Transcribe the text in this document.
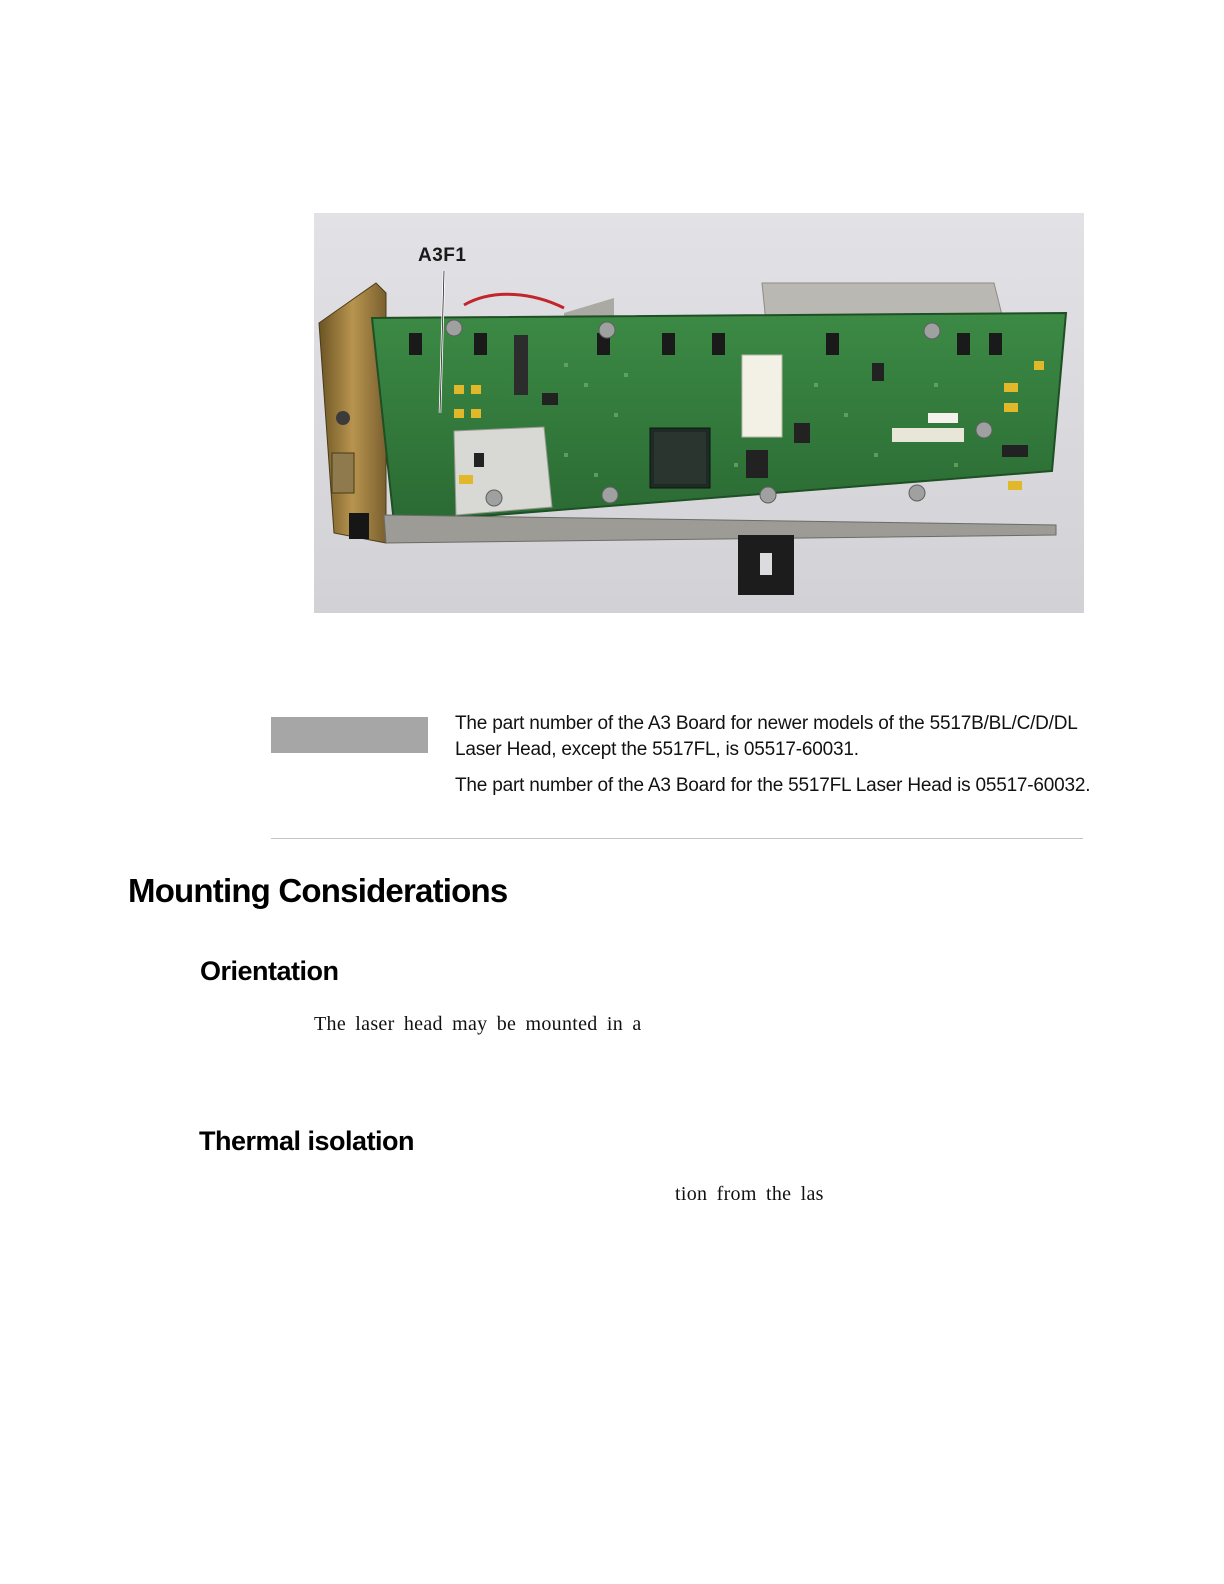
A3F1

The part number of the A3 Board for newer models of the 5517B/BL/C/D/DL Laser Head, except the 5517FL, is 05517-60031.

The part number of the A3 Board for the 5517FL Laser Head is 05517-60032.

Mounting Considerations
Orientation
The laser head may be mounted in a
Thermal isolation
tion from the las
